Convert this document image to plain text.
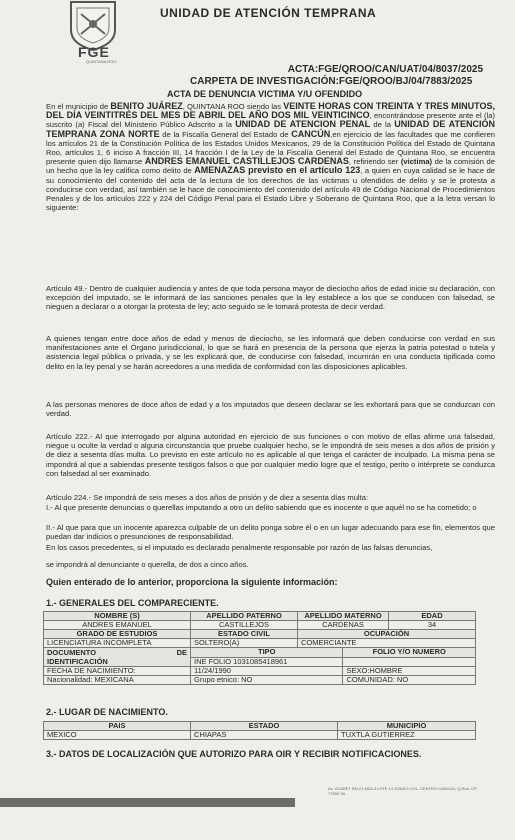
FGE
QUINTANA ROO
UNIDAD DE ATENCIÓN TEMPRANA
ACTA:FGE/QROO/CAN/UAT/04/8037/2025
CARPETA DE INVESTIGACIÓN:FGE/QROO/BJ/04/7883/2025
ACTA DE DENUNCIA VICTIMA Y/U OFENDIDO
En el municipio de BENITO JUÁREZ, QUINTANA ROO siendo las VEINTE HORAS CON TREINTA Y TRES MINUTOS, DEL DÍA VEINTITRÉS DEL MES DE ABRIL DEL AÑO DOS MIL VEINTICINCO, encontrándose presente ante el (la) suscrito (a) Fiscal del Ministerio Público Adscrito a la UNIDAD DE ATENCION PENAL de la UNIDAD DE ATENCIÓN TEMPRANA ZONA NORTE de la Fiscalía General del Estado de CANCÚN,en ejercicio de las facultades que me confieren los artículos 21 de la Constitución Política de los Estados Unidos Mexicanos, 29 de la Constitución Política del Estado de Quintana Roo, artículos 1, 6 inciso A fracción III, 14 fracción I de la Ley de la Fiscalía General del Estado de Quintana Roo, se encuentra presente quien dijo llamarse ANDRES EMANUEL CASTILLEJOS CARDENAS, refiriendo ser (victima) de la comisión de un hecho que la ley califica como delito de AMENAZAS previsto en el artículo 123, a quien en cuya calidad se le hace de su conocimiento del contenido del acta de la lectura de los derechos de las victimas u ofendidos de delito y se le protesta a conducirse con verdad, así también se le hace de conocimiento del contenido del artículo 49 de Código Nacional de Procedimientos Penales y de los artículos 222 y 224 del Código Penal para el Estado Libre y Soberano de Quintana Roo, que a la letra versan lo siguiente:
Artículo 49.- Dentro de cualquier audiencia y antes de que toda persona mayor de dieciocho años de edad inicie su declaración, con excepción del imputado, se le informará de las sanciones penales que la ley establece a los que se conducen con falsedad, se nieguen a declarar o a otorgar la protesta de ley; acto seguido se le tomará protesta de decir verdad.
A quienes tengan entre doce años de edad y menos de dieciocho, se les informará que deben conducirse con verdad en sus manifestaciones ante el Órgano jurisdiccional, lo que se hará en presencia de la persona que ejerza la patria potestad o tutela y asistencia legal pública o privada, y se les explicará que, de conducirse con falsedad, incurrirán en una conducta tipificada como delito en la ley penal y se harán acreedores a una medida de conformidad con las disposiciones aplicables.
A las personas menores de doce años de edad y a los imputados que deseen declarar se les exhortará para que se conduzcan con verdad.
Artículo 222.- Al que interrogado por alguna autoridad en ejercicio de sus funciones o con motivo de ellas afirme una falsedad, niegue u oculte la verdad o alguna circunstancia que pruebe cualquier hecho, se le impondrá de seis meses a dos años de prisión y de diez a sesenta días multa. Lo previsto en este artículo no es aplicable al que tenga el carácter de inculpado. La misma pena se impondrá al que a sabiendas presente testigos falsos o que por cualquier medio logre que el testigo, perito o intérprete se conduzca con falsedad al ser examinado.
Artículo 224.- Se impondrá de seis meses a dos años de prisión y de diez a sesenta días multa:
I.- Al que presente denuncias o querellas imputando a otro un delito sabiendo que es inocente o que aquél no se ha cometido; o
II.- Al que para que un inocente aparezca culpable de un delito ponga sobre él o en un lugar adecuando para ese fin, elementos que puedan dar indicios o presunciones de responsabilidad.
En los casos precedentes, si el imputado es declarado penalmente responsable por razón de las falsas denuncias,
se impondrá al denunciante o querella, de dos a cinco años.
Quien enterado de lo anterior, proporciona la siguiente información:
1.- GENERALES DEL COMPARECIENTE.
NOMBRE (S)	APELLIDO PATERNO	APELLIDO MATERNO		EDAD
ANDRES EMANUEL	CASTILLEJOS	CARDENAS		34
GRADO DE ESTUDIOS	ESTADO CIVIL	OCUPACIÓN		
LICENCIATURA INCOMPLETA	SOLTERO(A)	COMERCIANTE		
DOCUMENTO DE

IDENTIFICACIÓN	TIPO		FOLIO Y/O NUMERO	
	INE FOLIO 1031085418961			
FECHA DE NACIMIENTO:	11/24/1990		SEXO:HOMBRE	
Nacionalidad: MEXICANA	Grupo etnico: NO		COMUNIDAD: NO	
2.- LUGAR DE NACIMIENTO.
PAIS	ESTADO	MUNICIPIO
MEXICO	CHIAPAS	TUXTLA GUTIERREZ
3.- DATOS DE LOCALIZACIÓN QUE AUTORIZO PARA OIR Y RECIBIR NOTIFICACIONES.
Av. XCARET SM 21 MZA 3 LOTE 14 ZONA 0 COL. CENTRO CANCÚN, Q.Roo. CP. 77500 Tel.
